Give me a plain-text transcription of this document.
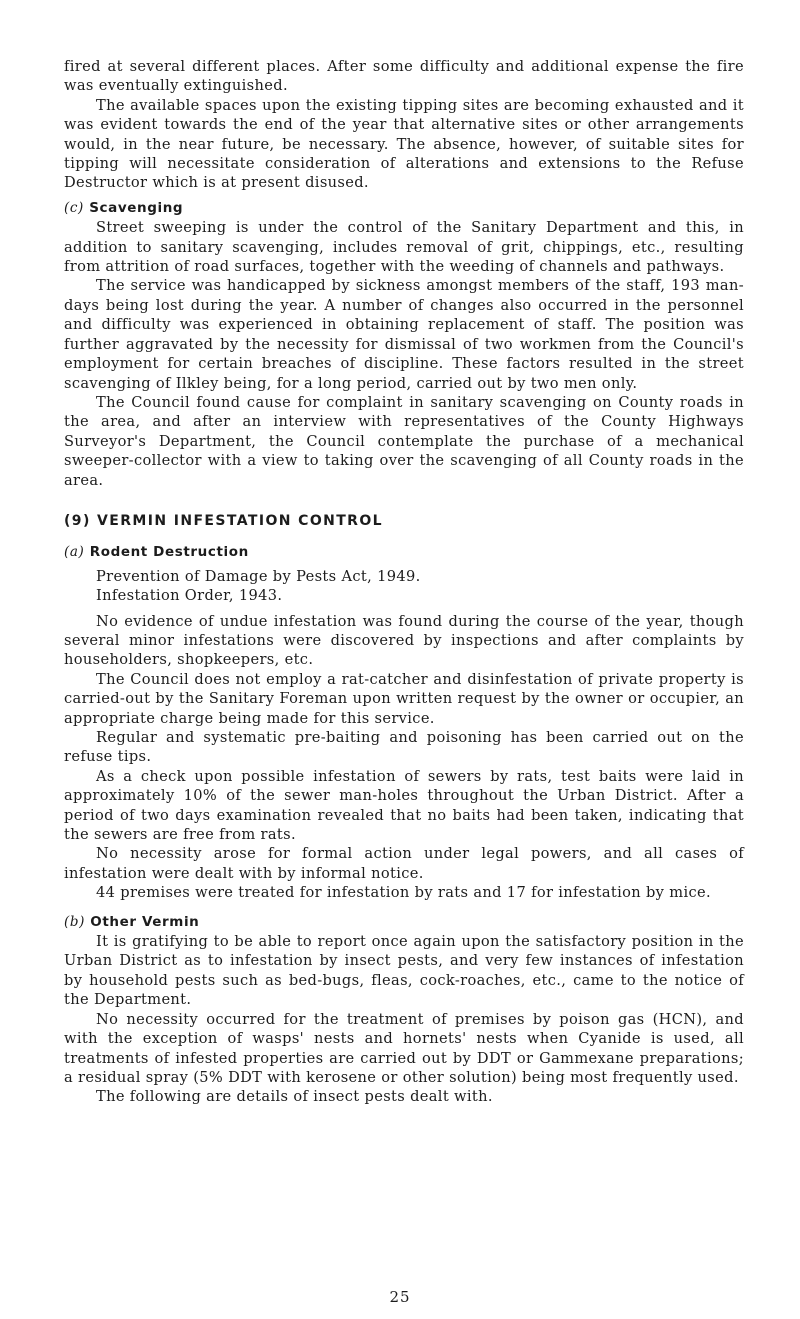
fired at several different places. After some difficulty and additional expense the fire was eventually extinguished.

The available spaces upon the existing tipping sites are becoming exhausted and it was evident towards the end of the year that alternative sites or other arrangements would, in the near future, be necessary. The absence, however, of suitable sites for tipping will necessitate consideration of alterations and extensions to the Refuse Destructor which is at present disused.

(c) Scavenging

Street sweeping is under the control of the Sanitary Department and this, in addition to sanitary scavenging, includes removal of grit, chippings, etc., resulting from attrition of road surfaces, together with the weeding of channels and pathways.

The service was handicapped by sickness amongst members of the staff, 193 man-days being lost during the year. A number of changes also occurred in the personnel and difficulty was experienced in obtaining replacement of staff. The position was further aggravated by the necessity for dismissal of two workmen from the Council's employment for certain breaches of discipline. These factors resulted in the street scavenging of Ilkley being, for a long period, carried out by two men only.

The Council found cause for complaint in sanitary scavenging on County roads in the area, and after an interview with representatives of the County Highways Surveyor's Department, the Council contemplate the purchase of a mechanical sweeper-collector with a view to taking over the scavenging of all County roads in the area.

(9) VERMIN INFESTATION CONTROL
(a) Rodent Destruction

Prevention of Damage by Pests Act, 1949.

Infestation Order, 1943.

No evidence of undue infestation was found during the course of the year, though several minor infestations were discovered by inspections and after complaints by householders, shopkeepers, etc.

The Council does not employ a rat-catcher and disinfestation of private property is carried-out by the Sanitary Foreman upon written request by the owner or occupier, an appropriate charge being made for this service.

Regular and systematic pre-baiting and poisoning has been carried out on the refuse tips.

As a check upon possible infestation of sewers by rats, test baits were laid in approximately 10% of the sewer man-holes throughout the Urban District. After a period of two days examination revealed that no baits had been taken, indicating that the sewers are free from rats.

No necessity arose for formal action under legal powers, and all cases of infestation were dealt with by informal notice.

44 premises were treated for infestation by rats and 17 for infestation by mice.

(b) Other Vermin

It is gratifying to be able to report once again upon the satisfactory position in the Urban District as to infestation by insect pests, and very few instances of infestation by household pests such as bed-bugs, fleas, cock-roaches, etc., came to the notice of the Department.

No necessity occurred for the treatment of premises by poison gas (HCN), and with the exception of wasps' nests and hornets' nests when Cyanide is used, all treatments of infested properties are carried out by DDT or Gammexane preparations; a residual spray (5% DDT with kerosene or other solution) being most frequently used.

The following are details of insect pests dealt with.

25
